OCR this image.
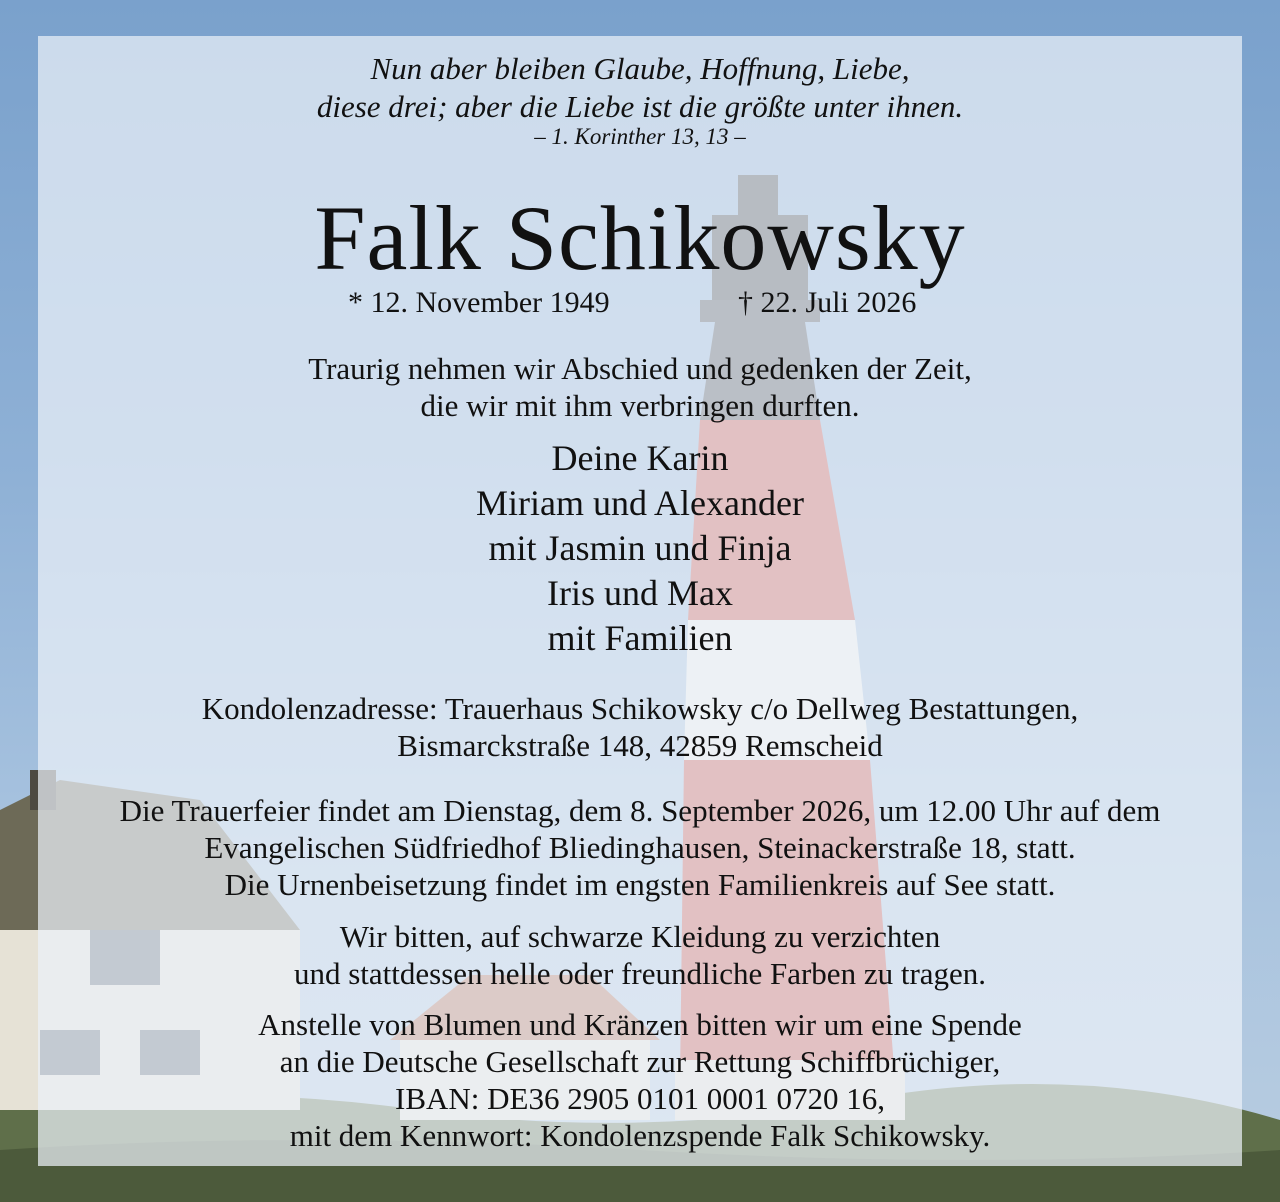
Nun aber bleiben Glaube, Hoffnung, Liebe,
diese drei; aber die Liebe ist die größte unter ihnen.
– 1. Korinther 13, 13 –
Falk Schikowsky
* 12. November 1949	† 22. Juli 2026
Traurig nehmen wir Abschied und gedenken der Zeit,
die wir mit ihm verbringen durften.
Deine Karin
Miriam und Alexander
mit Jasmin und Finja
Iris und Max
mit Familien
Kondolenzadresse: Trauerhaus Schikowsky c/o Dellweg Bestattungen,
Bismarckstraße 148, 42859 Remscheid
Die Trauerfeier findet am Dienstag, dem 8. September 2026, um 12.00 Uhr auf dem
Evangelischen Südfriedhof Bliedinghausen, Steinackerstraße 18, statt.
Die Urnenbeisetzung findet im engsten Familienkreis auf See statt.
Wir bitten, auf schwarze Kleidung zu verzichten
und stattdessen helle oder freundliche Farben zu tragen.
Anstelle von Blumen und Kränzen bitten wir um eine Spende
an die Deutsche Gesellschaft zur Rettung Schiffbrüchiger,
IBAN: DE36 2905 0101 0001 0720 16,
mit dem Kennwort: Kondolenzspende Falk Schikowsky.
